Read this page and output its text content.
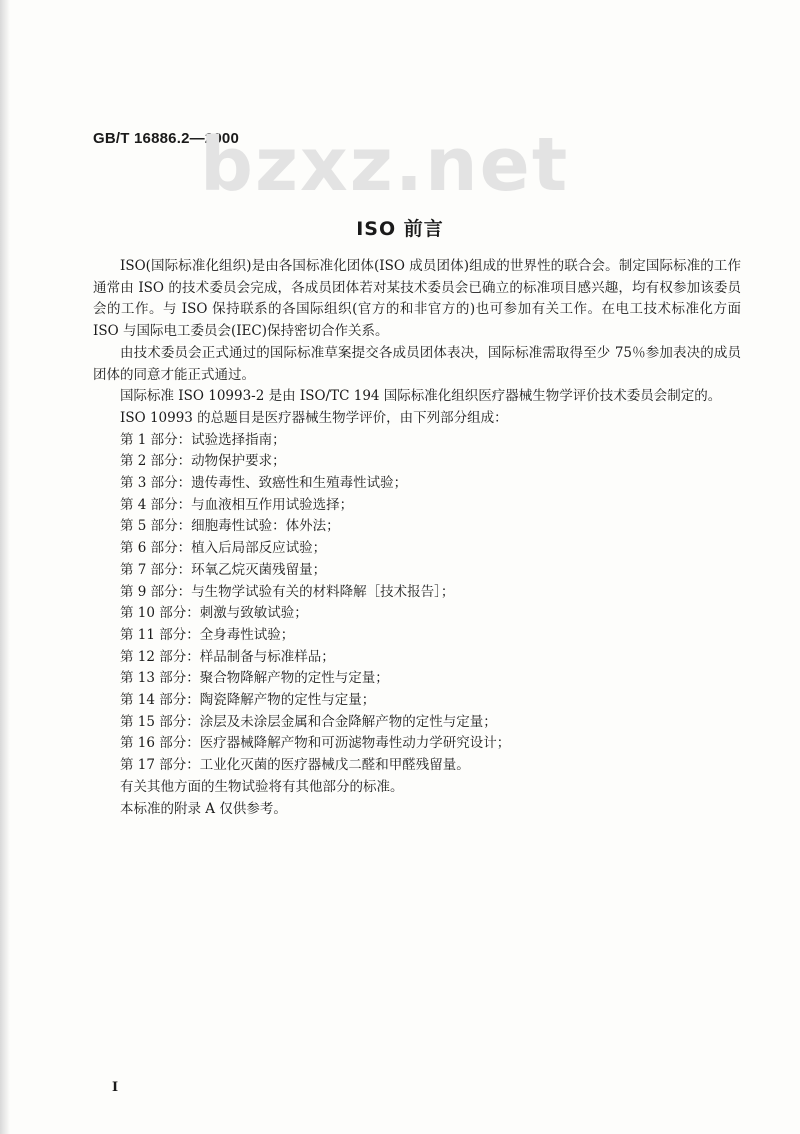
GB/T 16886.2—2000
bzxz.net
ISO 前言

ISO(国际标准化组织)是由各国标准化团体(ISO 成员团体)组成的世界性的联合会。制定国际标准的工作通常由 ISO 的技术委员会完成，各成员团体若对某技术委员会已确立的标准项目感兴趣，均有权参加该委员会的工作。与 ISO 保持联系的各国际组织(官方的和非官方的)也可参加有关工作。在电工技术标准化方面 ISO 与国际电工委员会(IEC)保持密切合作关系。

由技术委员会正式通过的国际标准草案提交各成员团体表决，国际标准需取得至少 75％参加表决的成员团体的同意才能正式通过。

国际标准 ISO 10993-2 是由 ISO/TC 194 国际标准化组织医疗器械生物学评价技术委员会制定的。

ISO 10993 的总题目是医疗器械生物学评价，由下列部分组成：

第 1 部分：试验选择指南；
第 2 部分：动物保护要求；
第 3 部分：遗传毒性、致癌性和生殖毒性试验；
第 4 部分：与血液相互作用试验选择；
第 5 部分：细胞毒性试验：体外法；
第 6 部分：植入后局部反应试验；
第 7 部分：环氧乙烷灭菌残留量；
第 9 部分：与生物学试验有关的材料降解［技术报告］；
第 10 部分：刺激与致敏试验；
第 11 部分：全身毒性试验；
第 12 部分：样品制备与标准样品；
第 13 部分：聚合物降解产物的定性与定量；
第 14 部分：陶瓷降解产物的定性与定量；
第 15 部分：涂层及未涂层金属和合金降解产物的定性与定量；
第 16 部分：医疗器械降解产物和可沥滤物毒性动力学研究设计；
第 17 部分：工业化灭菌的医疗器械戊二醛和甲醛残留量。

有关其他方面的生物试验将有其他部分的标准。

本标准的附录 A 仅供参考。

I
